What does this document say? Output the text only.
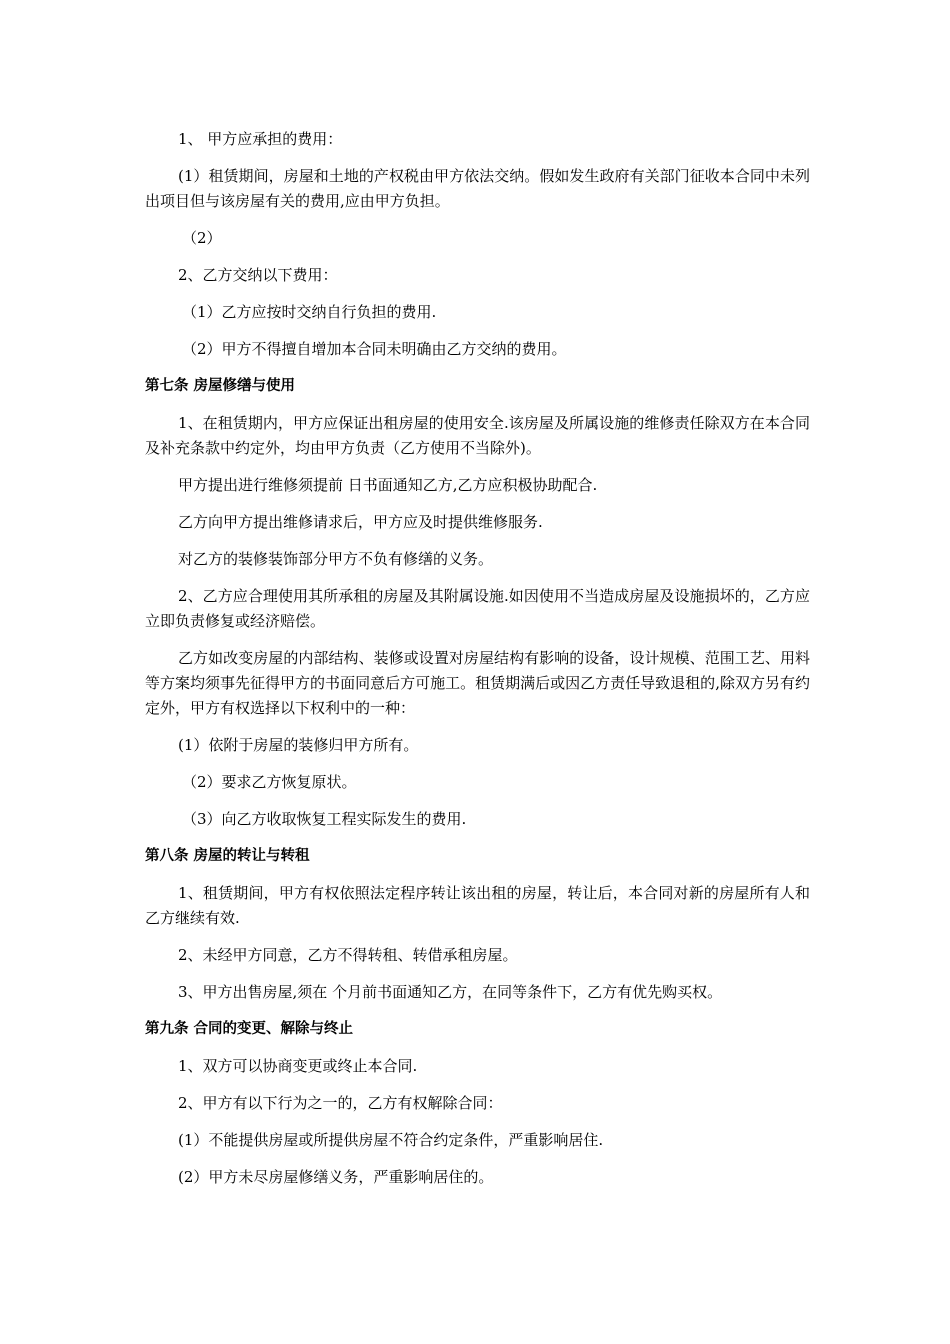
1、 甲方应承担的费用：

(1）租赁期间，房屋和土地的产权税由甲方依法交纳。假如发生政府有关部门征收本合同中未列出项目但与该房屋有关的费用,应由甲方负担。

（2）

2、乙方交纳以下费用：

（1）乙方应按时交纳自行负担的费用.

（2）甲方不得擅自增加本合同未明确由乙方交纳的费用。

第七条 房屋修缮与使用

1、在租赁期内，甲方应保证出租房屋的使用安全.该房屋及所属设施的维修责任除双方在本合同及补充条款中约定外，均由甲方负责（乙方使用不当除外)。

甲方提出进行维修须提前 日书面通知乙方,乙方应积极协助配合.

乙方向甲方提出维修请求后，甲方应及时提供维修服务.

对乙方的装修装饰部分甲方不负有修缮的义务。

2、乙方应合理使用其所承租的房屋及其附属设施.如因使用不当造成房屋及设施损坏的，乙方应立即负责修复或经济赔偿。

乙方如改变房屋的内部结构、装修或设置对房屋结构有影响的设备，设计规模、范围工艺、用料等方案均须事先征得甲方的书面同意后方可施工。租赁期满后或因乙方责任导致退租的,除双方另有约定外，甲方有权选择以下权利中的一种：

(1）依附于房屋的装修归甲方所有。

（2）要求乙方恢复原状。

（3）向乙方收取恢复工程实际发生的费用.

第八条 房屋的转让与转租

1、租赁期间，甲方有权依照法定程序转让该出租的房屋，转让后，本合同对新的房屋所有人和乙方继续有效.

2、未经甲方同意，乙方不得转租、转借承租房屋。

3、甲方出售房屋,须在 个月前书面通知乙方，在同等条件下，乙方有优先购买权。

第九条 合同的变更、解除与终止

1、双方可以协商变更或终止本合同.

2、甲方有以下行为之一的，乙方有权解除合同：

(1）不能提供房屋或所提供房屋不符合约定条件，严重影响居住.

(2）甲方未尽房屋修缮义务，严重影响居住的。
